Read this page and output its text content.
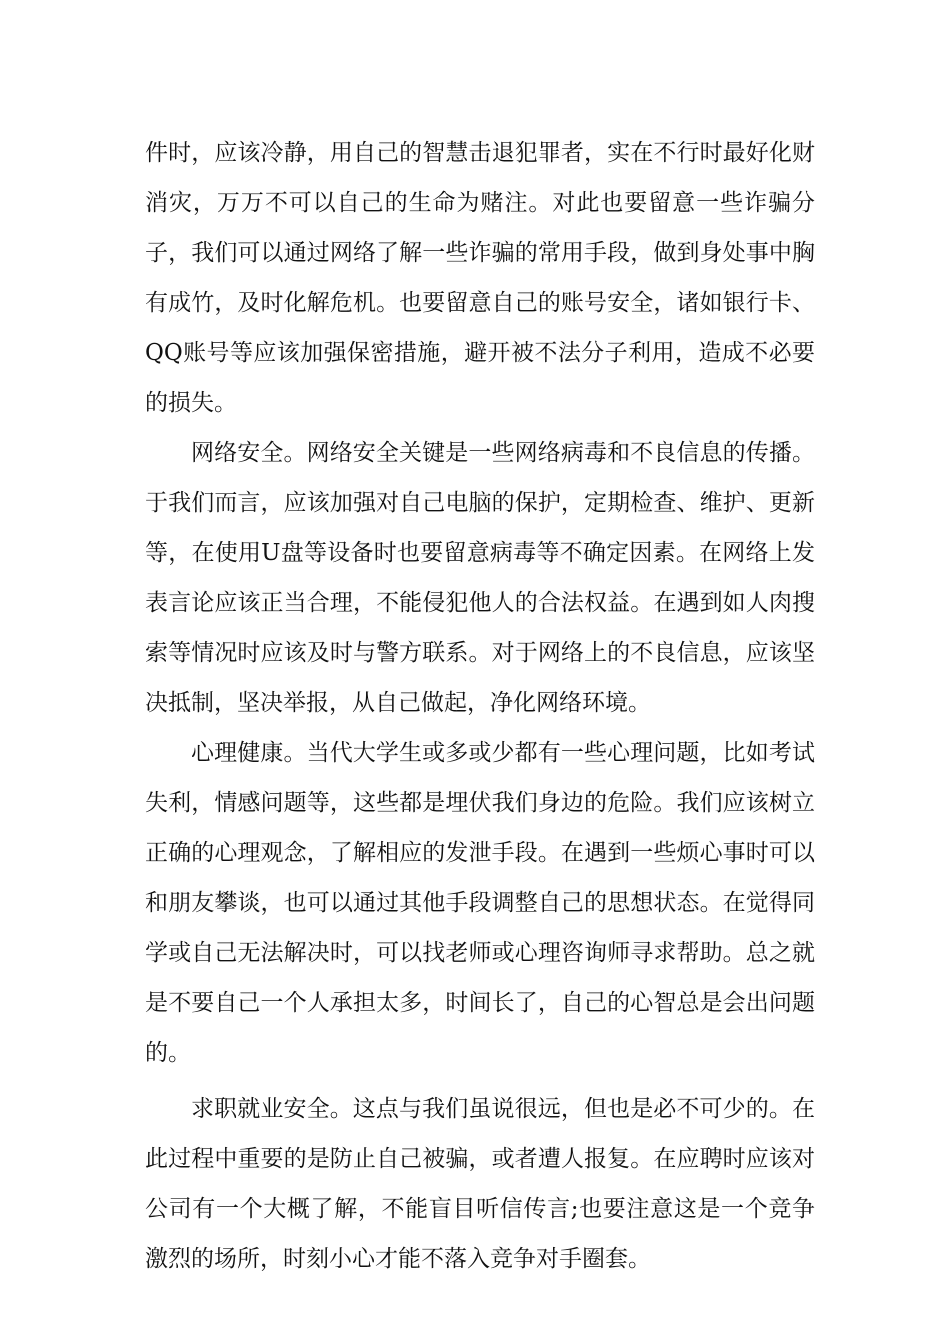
件时，应该冷静，用自己的智慧击退犯罪者，实在不行时最好化财消灾，万万不可以自己的生命为赌注。对此也要留意一些诈骗分子，我们可以通过网络了解一些诈骗的常用手段，做到身处事中胸有成竹，及时化解危机。也要留意自己的账号安全，诸如银行卡、QQ账号等应该加强保密措施，避开被不法分子利用，造成不必要的损失。

网络安全。网络安全关键是一些网络病毒和不良信息的传播。于我们而言，应该加强对自己电脑的保护，定期检查、维护、更新等，在使用U盘等设备时也要留意病毒等不确定因素。在网络上发表言论应该正当合理，不能侵犯他人的合法权益。在遇到如人肉搜索等情况时应该及时与警方联系。对于网络上的不良信息，应该坚决抵制，坚决举报，从自己做起，净化网络环境。

心理健康。当代大学生或多或少都有一些心理问题，比如考试失利，情感问题等，这些都是埋伏我们身边的危险。我们应该树立正确的心理观念，了解相应的发泄手段。在遇到一些烦心事时可以和朋友攀谈，也可以通过其他手段调整自己的思想状态。在觉得同学或自己无法解决时，可以找老师或心理咨询师寻求帮助。总之就是不要自己一个人承担太多，时间长了，自己的心智总是会出问题的。

求职就业安全。这点与我们虽说很远，但也是必不可少的。在此过程中重要的是防止自己被骗，或者遭人报复。在应聘时应该对公司有一个大概了解，不能盲目听信传言;也要注意这是一个竞争激烈的场所，时刻小心才能不落入竞争对手圈套。
